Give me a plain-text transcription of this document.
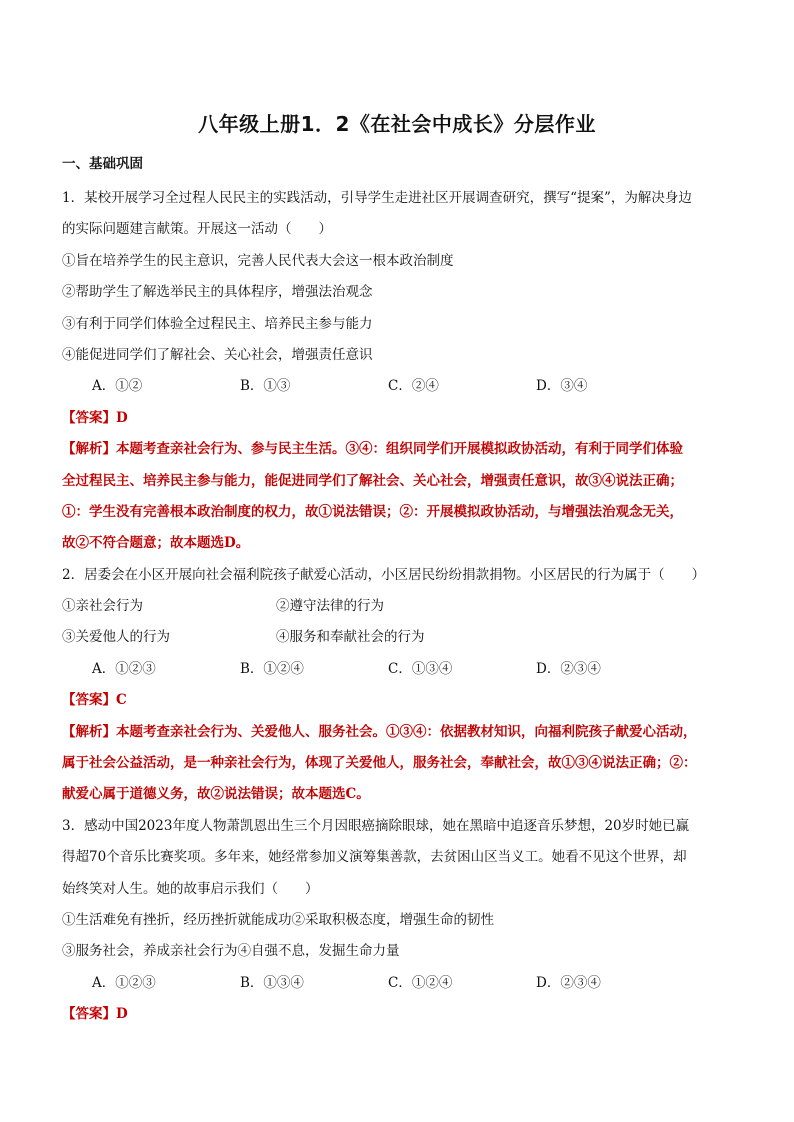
八年级上册1．2《在社会中成长》分层作业
一、基础巩固
1．某校开展学习全过程人民民主的实践活动，引导学生走进社区开展调查研究，撰写“提案”，为解决身边
的实际问题建言献策。开展这一活动（　　）
①旨在培养学生的民主意识，完善人民代表大会这一根本政治制度
②帮助学生了解选举民主的具体程序，增强法治观念
③有利于同学们体验全过程民主、培养民主参与能力
④能促进同学们了解社会、关心社会，增强责任意识
A．①②	B．①③	C．②④	D．③④
【答案】D
【解析】本题考查亲社会行为、参与民主生活。③④：组织同学们开展模拟政协活动，有利于同学们体验
全过程民主、培养民主参与能力，能促进同学们了解社会、关心社会，增强责任意识，故③④说法正确；
①：学生没有完善根本政治制度的权力，故①说法错误；②：开展模拟政协活动，与增强法治观念无关，
故②不符合题意；故本题选D。
2．居委会在小区开展向社会福利院孩子献爱心活动，小区居民纷纷捐款捐物。小区居民的行为属于（　　）
①亲社会行为	②遵守法律的行为
③关爱他人的行为	④服务和奉献社会的行为
A．①②③	B．①②④	C．①③④	D．②③④
【答案】C
【解析】本题考查亲社会行为、关爱他人、服务社会。①③④：依据教材知识，向福利院孩子献爱心活动，
属于社会公益活动，是一种亲社会行为，体现了关爱他人，服务社会，奉献社会，故①③④说法正确；②：
献爱心属于道德义务，故②说法错误；故本题选C。
3．感动中国2023年度人物萧凯恩出生三个月因眼癌摘除眼球，她在黑暗中追逐音乐梦想，20岁时她已赢
得超70个音乐比赛奖项。多年来，她经常参加义演筹集善款，去贫困山区当义工。她看不见这个世界，却
始终笑对人生。她的故事启示我们（　　）
①生活难免有挫折，经历挫折就能成功②采取积极态度，增强生命的韧性
③服务社会，养成亲社会行为④自强不息，发掘生命力量
A．①②③	B．①③④	C．①②④	D．②③④
【答案】D
